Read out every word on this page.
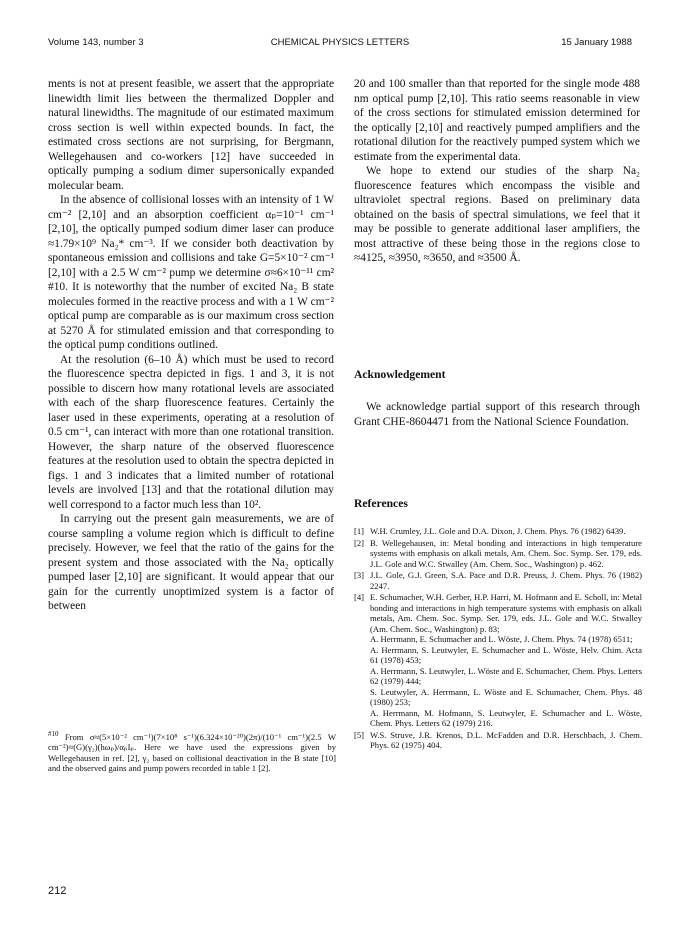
Volume 143, number 3	CHEMICAL PHYSICS LETTERS	15 January 1988

ments is not at present feasible, we assert that the appropriate linewidth limit lies between the thermalized Doppler and natural linewidths. The magnitude of our estimated maximum cross section is well within expected bounds. In fact, the estimated cross sections are not surprising, for Bergmann, Wellegehausen and co-workers [12] have succeeded in optically pumping a sodium dimer supersonically expanded molecular beam.

In the absence of collisional losses with an intensity of 1 W cm⁻² [2,10] and an absorption coefficient αₚ=10⁻¹ cm⁻¹ [2,10], the optically pumped sodium dimer laser can produce ≈1.79×10⁹ Na₂* cm⁻³. If we consider both deactivation by spontaneous emission and collisions and take G=5×10⁻² cm⁻¹ [2,10] with a 2.5 W cm⁻² pump we determine σ≈6×10⁻¹¹ cm² #10. It is noteworthy that the number of excited Na₂ B state molecules formed in the reactive process and with a 1 W cm⁻² optical pump are comparable as is our maximum cross section at 5270 Å for stimulated emission and that corresponding to the optical pump conditions outlined.

At the resolution (6–10 Å) which must be used to record the fluorescence spectra depicted in figs. 1 and 3, it is not possible to discern how many rotational levels are associated with each of the sharp fluorescence features. Certainly the laser used in these experiments, operating at a resolution of 0.5 cm⁻¹, can interact with more than one rotational transition. However, the sharp nature of the observed fluorescence features at the resolution used to obtain the spectra depicted in figs. 1 and 3 indicates that a limited number of rotational levels are involved [13] and that the rotational dilution may well correspond to a factor much less than 10².

In carrying out the present gain measurements, we are of course sampling a volume region which is difficult to define precisely. However, we feel that the ratio of the gains for the present system and those associated with the Na₂ optically pumped laser [2,10] are significant. It would appear that our gain for the currently unoptimized system is a factor of between

$^{\#10}$ From σ≈(5×10⁻² cm⁻¹)(7×10⁸ s⁻¹)(6.324×10⁻²⁰)(2π)/(10⁻¹ cm⁻¹)(2.5 W cm⁻²)≈(G)(γ₂)(hωₚ)/αₚIₚ. Here we have used the expressions given by Wellegehausen in ref. [2], γ₂ based on collisional deactivation in the B state [10] and the observed gains and pump powers recorded in table 1 [2].

20 and 100 smaller than that reported for the single mode 488 nm optical pump [2,10]. This ratio seems reasonable in view of the cross sections for stimulated emission determined for the optically [2,10] and reactively pumped amplifiers and the rotational dilution for the reactively pumped system which we estimate from the experimental data.

We hope to extend our studies of the sharp Na₂ fluorescence features which encompass the visible and ultraviolet spectral regions. Based on preliminary data obtained on the basis of spectral simulations, we feel that it may be possible to generate additional laser amplifiers, the most attractive of these being those in the regions close to ≈4125, ≈3950, ≈3650, and ≈3500 Å.

Acknowledgement
We acknowledge partial support of this research through Grant CHE-8604471 from the National Science Foundation.
References
[1] W.H. Crumley, J.L. Gole and D.A. Dixon, J. Chem. Phys. 76 (1982) 6439.
[2] B. Wellegehausen, in: Metal bonding and interactions in high temperature systems with emphasis on alkali metals, Am. Chem. Soc. Symp. Ser. 179, eds. J.L. Gole and W.C. Stwalley (Am. Chem. Soc., Washington) p. 462.
[3] J.L. Gole, G.J. Green, S.A. Pace and D.R. Preuss, J. Chem. Phys. 76 (1982) 2247.
[4] E. Schumacher, W.H. Gerber, H.P. Harri, M. Hofmann and E. Scholl, in: Metal bonding and interactions in high temperature systems with emphasis on alkali metals, Am. Chem. Soc. Symp. Ser. 179, eds. J.L. Gole and W.C. Stwalley (Am. Chem. Soc., Washington) p. 83;
A. Herrmann, E. Schumacher and L. Wöste, J. Chem. Phys. 74 (1978) 6511;
A. Herrmann, S. Leutwyler, E. Schumacher and L. Wöste, Helv. Chim. Acta 61 (1978) 453;
A. Herrmann, S. Leutwyler, L. Wöste and E. Schumacher, Chem. Phys. Letters 62 (1979) 444;
S. Leutwyler, A. Herrmann, L. Wöste and E. Schumacher, Chem. Phys. 48 (1980) 253;
A. Herrmann, M. Hofmann, S. Leutwyler, E. Schumacher and L. Wöste, Chem. Phys. Letters 62 (1979) 216.
[5] W.S. Struve, J.R. Krenos, D.L. McFadden and D.R. Herschbach, J. Chem. Phys. 62 (1975) 404.
212
